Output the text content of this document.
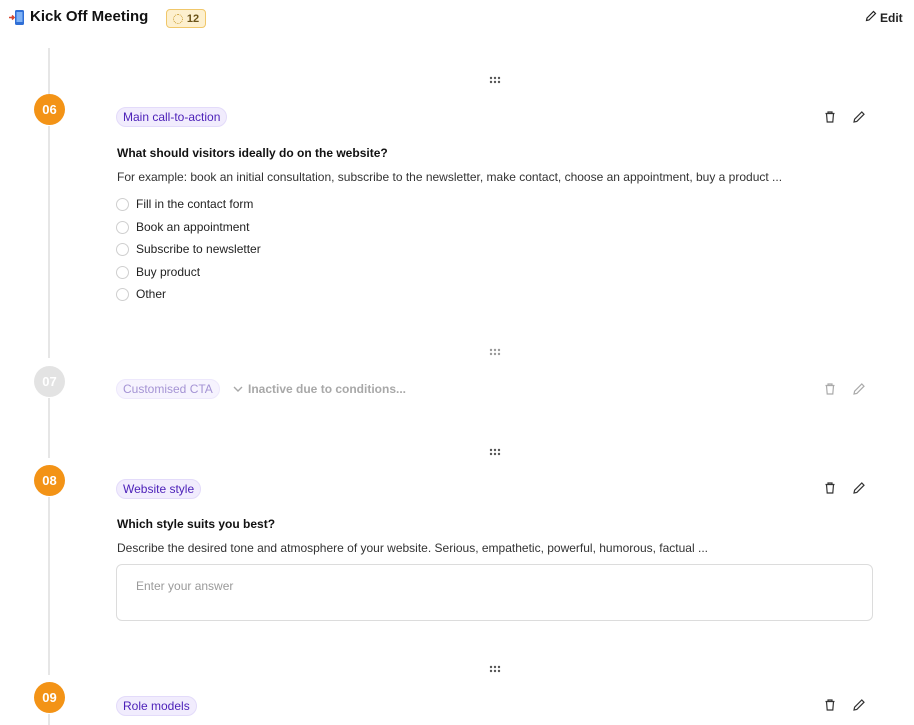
Kick Off Meeting	12	Edit
06	Main call-to-action
What should visitors ideally do on the website?
For example: book an initial consultation, subscribe to the newsletter, make contact, choose an appointment, buy a product ...
Fill in the contact form
Book an appointment
Subscribe to newsletter
Buy product
Other
07	Customised CTA	Inactive due to conditions...
08
Website style
Which style suits you best?
Describe the desired tone and atmosphere of your website. Serious, empathetic, powerful, humorous, factual ...
Enter your answer
09
Role models
